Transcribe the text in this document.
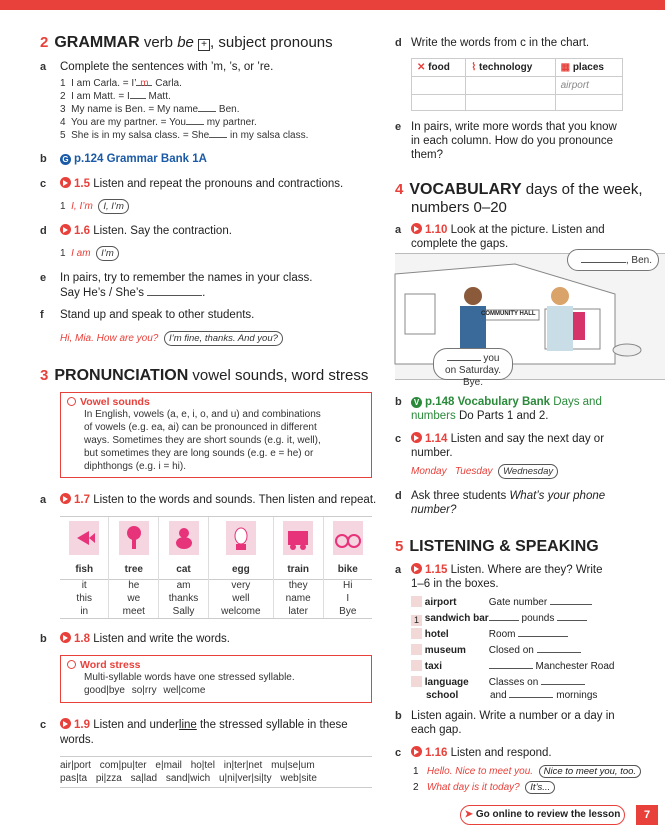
2 GRAMMAR verb be + , subject pronouns
a Complete the sentences with ’m, ’s, or ’re.
1 I am Carla. = I’ m Carla.
2 I am Matt. = I Matt.
3 My name is Ben. = My name Ben.
4 You are my partner. = You my partner.
5 She is in my salsa class. = She in my salsa class.
b G p.124 Grammar Bank 1A
c	1.5 Listen and repeat the pronouns and contractions.
1 I, I’m I, I’m
d	1.6 Listen. Say the contraction.
1 I am I’m
e In pairs, try to remember the names in your class.
Say He’s / She’s	.
f Stand up and speak to other students.
Hi, Mia. How are you? I’m fine, thanks. And you?
3 PRONUNCIATION vowel sounds, word stress
Vowel sounds
In English, vowels (a, e, i, o, and u) and combinations
of vowels (e.g. ea, ai) can be pronounced in different
ways. Sometimes they are short sounds (e.g. it, well),
but sometimes they are long sounds (e.g. e = he) or
diphthongs (e.g. i = hi).
a	1.7 Listen to the words and sounds. Then listen and repeat.

fish	tree	cat	egg	train	bike
it	he	am	very	they	Hi
this	we	thanks	well	name	I
in	meet	Sally	welcome	later	Bye
b	1.8 Listen and write the words.
Word stress
Multi-syllable words have one stressed syllable.
good|bye so|rry wel|come
c	1.9 Listen and underline the stressed syllable in these
words.
air|port com|pu|ter e|mail ho|tel in|ter|net mu|se|um
pas|ta pi|zza sa|lad sand|wich u|ni|ver|si|ty web|site
d Write the words from c in the chart.
✕ food	⌇ technology	▦ places
		airport

e In pairs, write more words that you know
in each column. How do you pronounce
them?
4 VOCABULARY days of the week,
numbers 0–20
a	1.10 Look at the picture. Listen and
complete the gaps.
COMMUNITY HALL
, Ben.
you
on Saturday. Bye.
b	V p.148 Vocabulary Bank Days and
numbers Do Parts 1 and 2.
c	1.14 Listen and say the next day or
number.
Monday Tuesday Wednesday
d Ask three students What’s your phone
number?
5 LISTENING & SPEAKING
a	1.15 Listen. Where are they? Write
1–6 in the boxes.
airport	Gate number
1 sandwich bar	pounds
hotel	Room
museum Closed on
taxi	Manchester Road
language Classes on
school	and	mornings
b Listen again. Write a number or a day in
each gap.
c	1.16 Listen and respond.
1 Hello. Nice to meet you. Nice to meet you, too.
2 What day is it today? It’s...
➤ Go online to review the lesson	7
